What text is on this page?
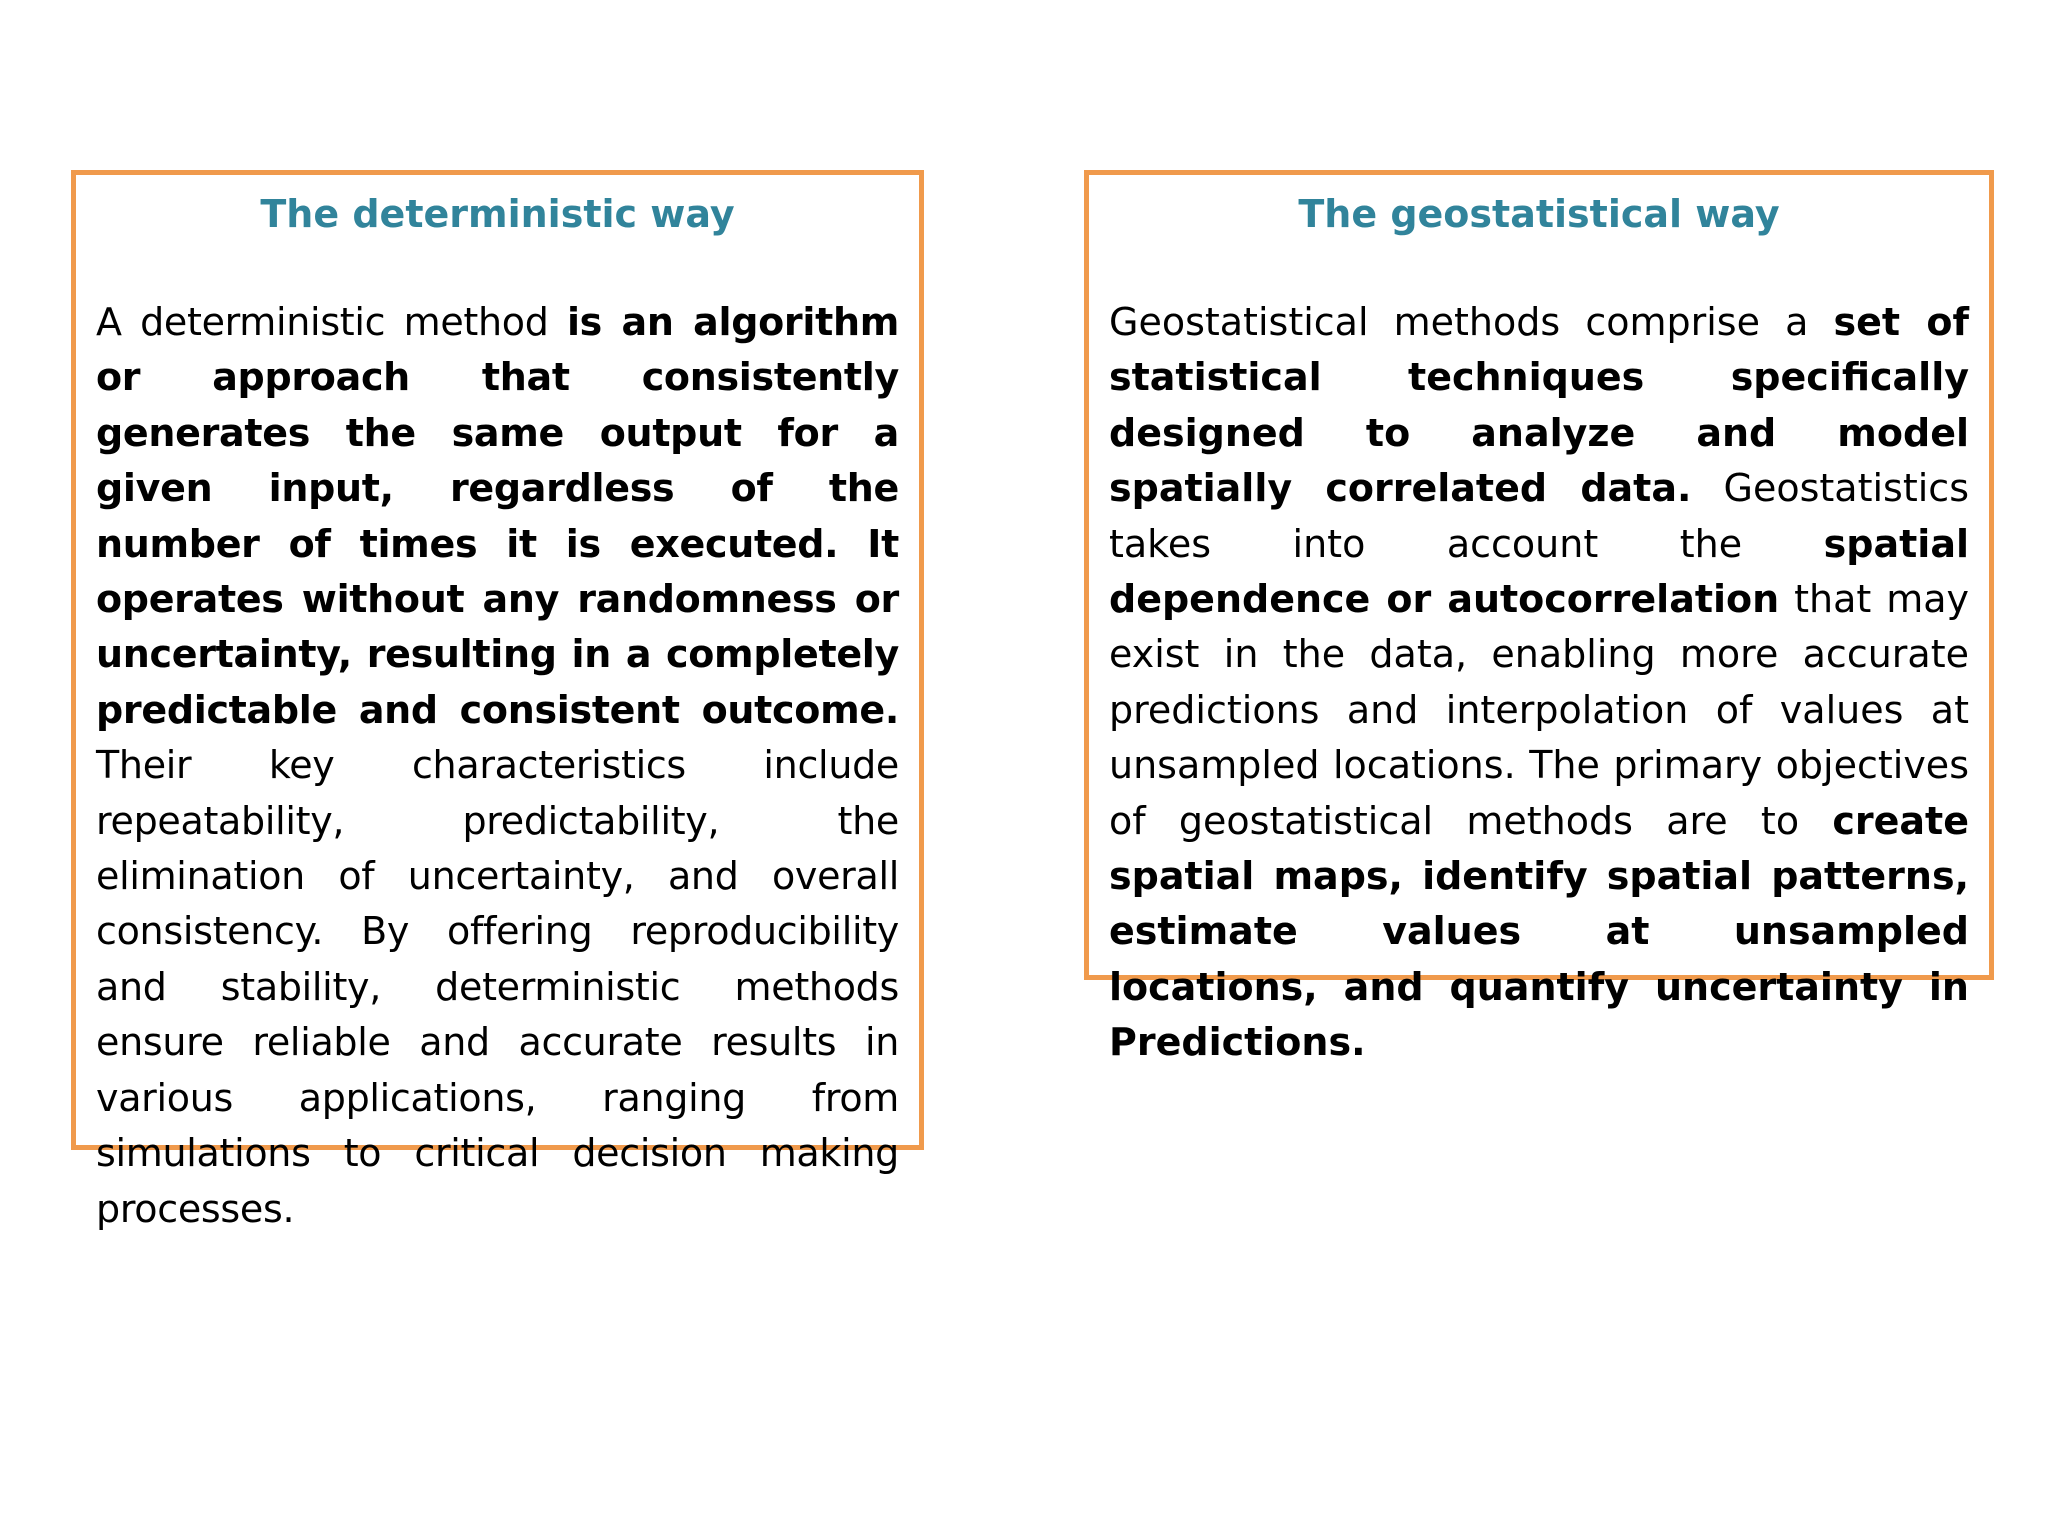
The deterministic way

A deterministic method is an algorithm or approach that consistently generates the same output for a given input, regardless of the number of times it is executed. It operates without any randomness or uncertainty, resulting in a completely predictable and consistent outcome. Their key characteristics include repeatability, predictability, the elimination of uncertainty, and overall consistency. By offering reproducibility and stability, deterministic methods ensure reliable and accurate results in various applications, ranging from simulations to critical decision making processes.

The geostatistical way

Geostatistical methods comprise a set of statistical techniques specifically designed to analyze and model spatially correlated data. Geostatistics takes into account the spatial dependence or autocorrelation that may exist in the data, enabling more accurate predictions and interpolation of values at unsampled locations. The primary objectives of geostatistical methods are to create spatial maps, identify spatial patterns, estimate values at unsampled locations, and quantify uncertainty in Predictions.
